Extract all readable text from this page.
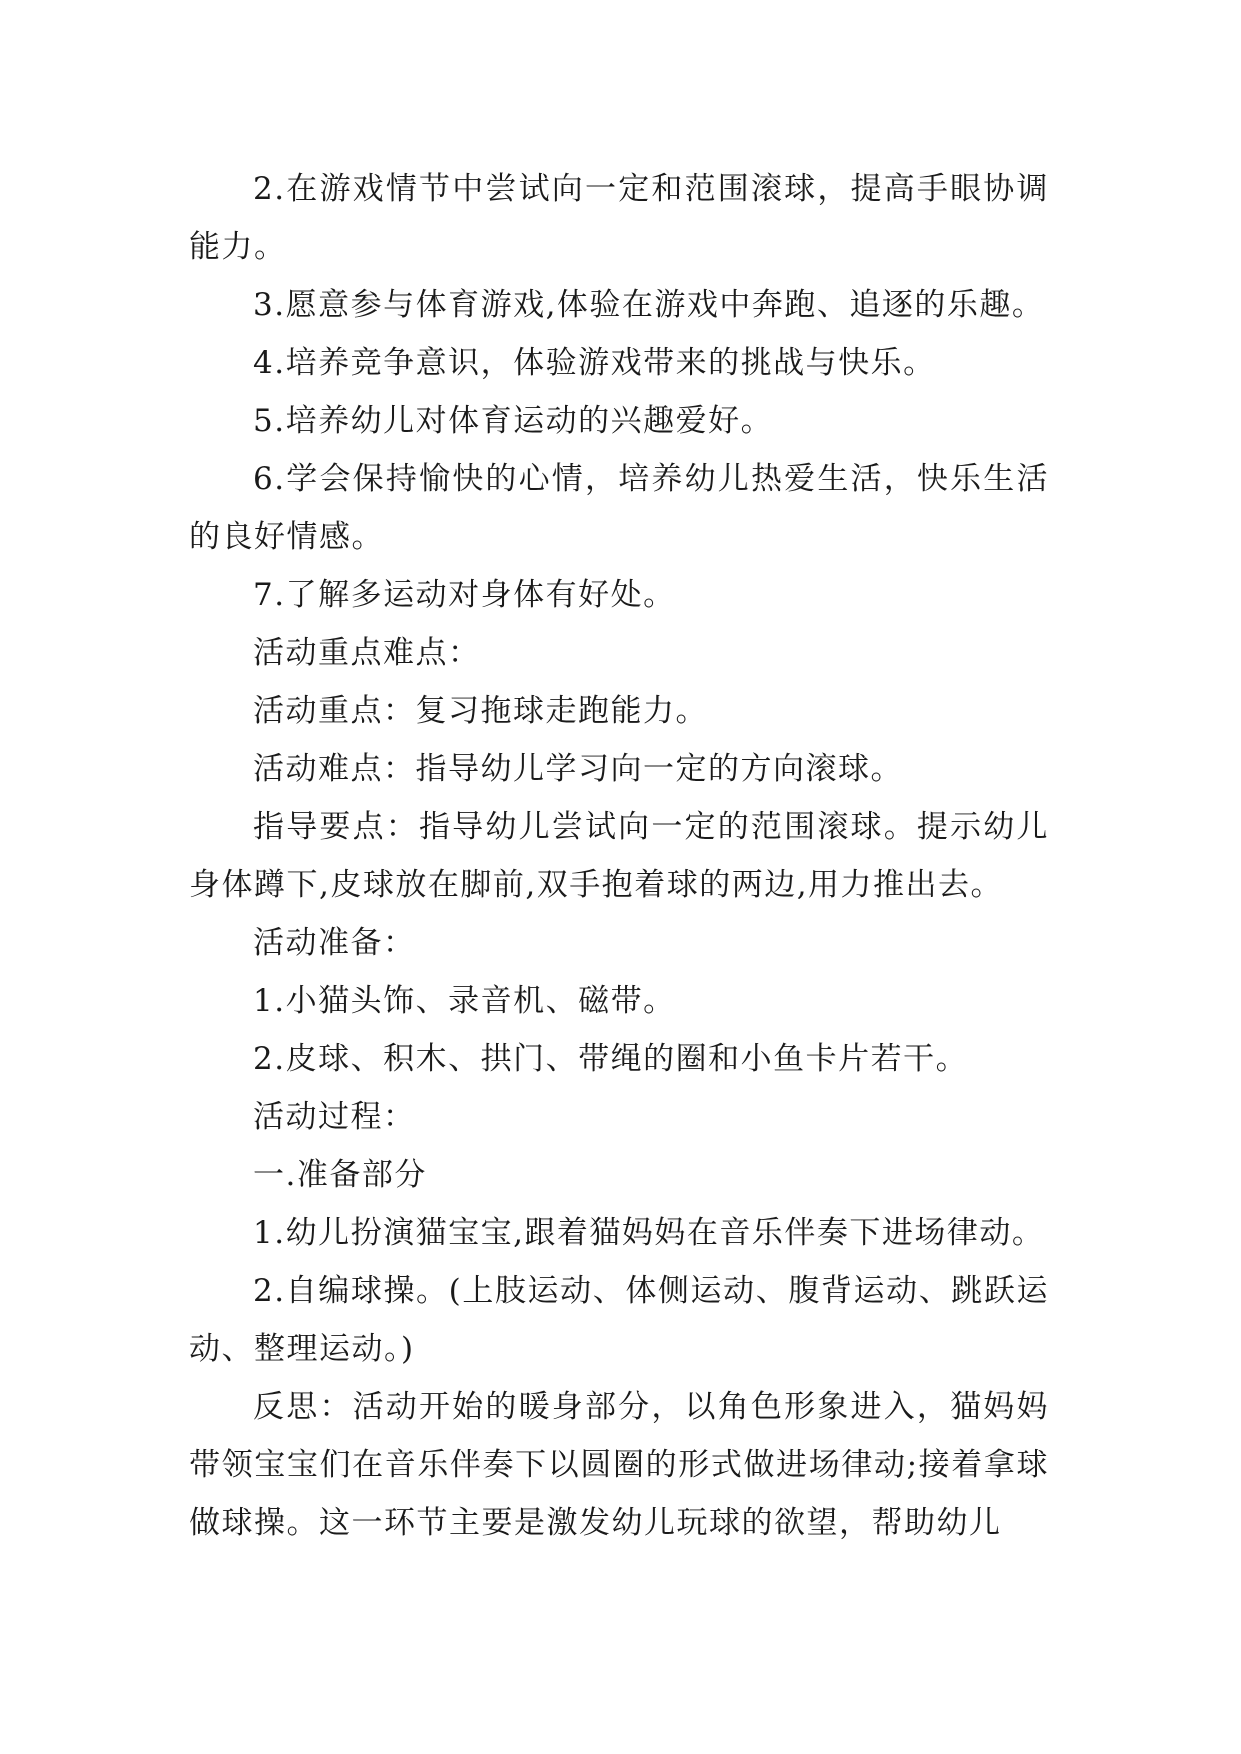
2.在游戏情节中尝试向一定和范围滚球，提高手眼协调能力。

3.愿意参与体育游戏,体验在游戏中奔跑、追逐的乐趣。

4.培养竞争意识，体验游戏带来的挑战与快乐。

5.培养幼儿对体育运动的兴趣爱好。

6.学会保持愉快的心情，培养幼儿热爱生活，快乐生活的良好情感。

7.了解多运动对身体有好处。

活动重点难点：

活动重点：复习拖球走跑能力。

活动难点：指导幼儿学习向一定的方向滚球。

指导要点：指导幼儿尝试向一定的范围滚球。提示幼儿身体蹲下,皮球放在脚前,双手抱着球的两边,用力推出去。

活动准备：

1.小猫头饰、录音机、磁带。

2.皮球、积木、拱门、带绳的圈和小鱼卡片若干。

活动过程：

一.准备部分

1.幼儿扮演猫宝宝,跟着猫妈妈在音乐伴奏下进场律动。

2.自编球操。(上肢运动、体侧运动、腹背运动、跳跃运动、整理运动。)

反思：活动开始的暖身部分，以角色形象进入，猫妈妈带领宝宝们在音乐伴奏下以圆圈的形式做进场律动;接着拿球做球操。这一环节主要是激发幼儿玩球的欲望，帮助幼儿
